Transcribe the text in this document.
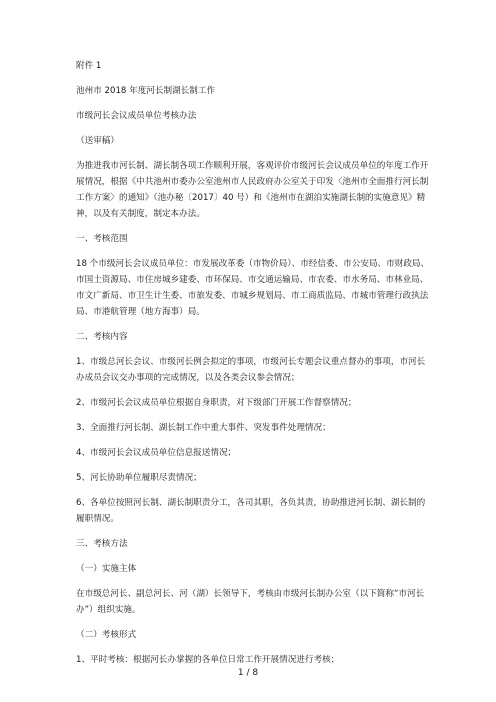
附件 1

池州市 2018 年度河长制湖长制工作

市级河长会议成员单位考核办法

（送审稿）

为推进我市河长制、湖长制各项工作顺利开展，客观评价市级河长会议成员单位的年度工作开展情况，根据《中共池州市委办公室池州市人民政府办公室关于印发〈池州市全面推行河长制工作方案〉的通知》（池办秘〔2017〕40 号）和《池州市在湖泊实施湖长制的实施意见》精神，以及有关制度，制定本办法。

一、考核范围

18 个市级河长会议成员单位：市发展改革委（市物价局）、市经信委、市公安局、市财政局、市国土资源局、市住房城乡建委、市环保局、市交通运输局、市农委、市水务局、市林业局、市文广新局、市卫生计生委、市旅发委、市城乡规划局、市工商质监局、市城市管理行政执法局、市港航管理（地方海事）局。

二、考核内容

1、市级总河长会议、市级河长例会拟定的事项，市级河长专题会议重点督办的事项，市河长办成员会议交办事项的完成情况，以及各类会议参会情况；

2、市级河长会议成员单位根据自身职责，对下级部门开展工作督察情况；

3、全面推行河长制、湖长制工作中重大事件、突发事件处理情况；

4、市级河长会议成员单位信息报送情况；

5、河长协助单位履职尽责情况；

6、各单位按照河长制、湖长制职责分工，各司其职，各负其责，协助推进河长制、湖长制的履职情况。

三、考核方法

（一）实施主体

在市级总河长、副总河长、河（湖）长领导下，考核由市级河长制办公室（以下简称“市河长办”）组织实施。

（二）考核形式

1、平时考核：根据河长办掌握的各单位日常工作开展情况进行考核；

1 / 8
